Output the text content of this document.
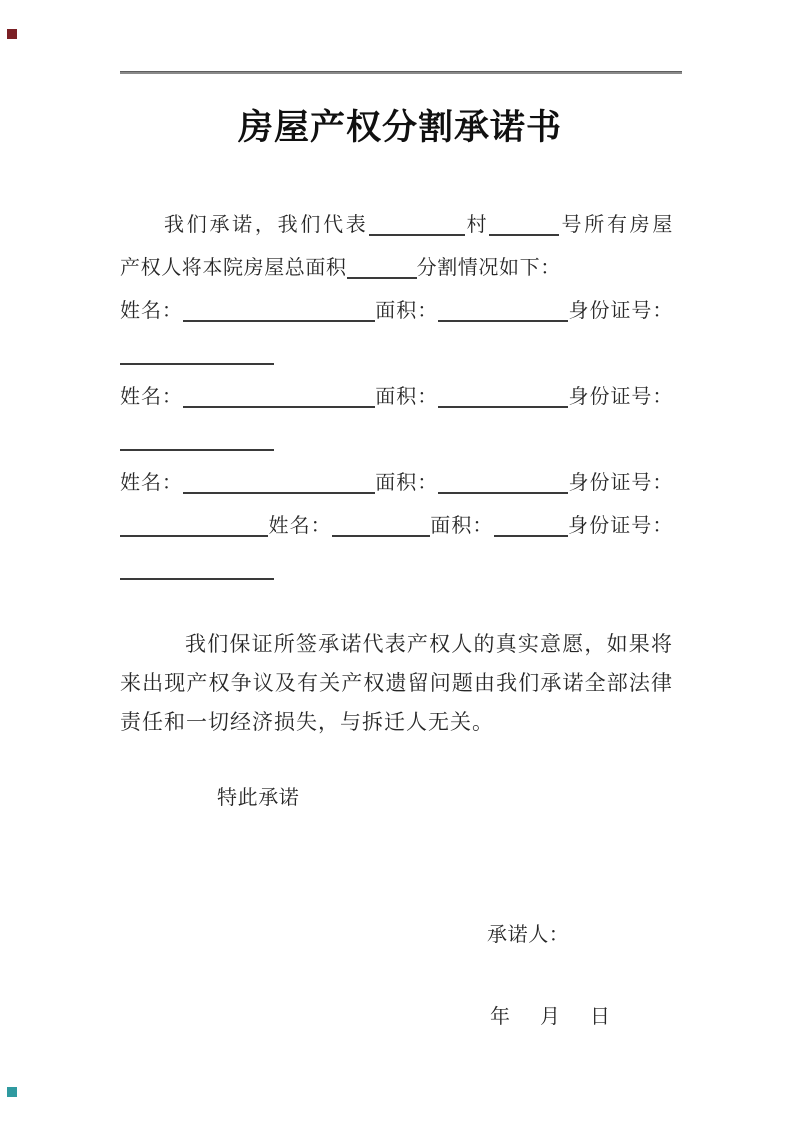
房屋产权分割承诺书
我们承诺，我们代表	村	号所有房屋
产权人将本院房屋总面积	分割情况如下：
姓名：	面积：	身份证号：
姓名：	面积：	身份证号：
姓名：	面积：	身份证号：
姓名：	面积：	身份证号：
我们保证所签承诺代表产权人的真实意愿，如果将
来出现产权争议及有关产权遗留问题由我们承诺全部法律
责任和一切经济损失，与拆迁人无关。
特此承诺
承诺人：
年　月　日
